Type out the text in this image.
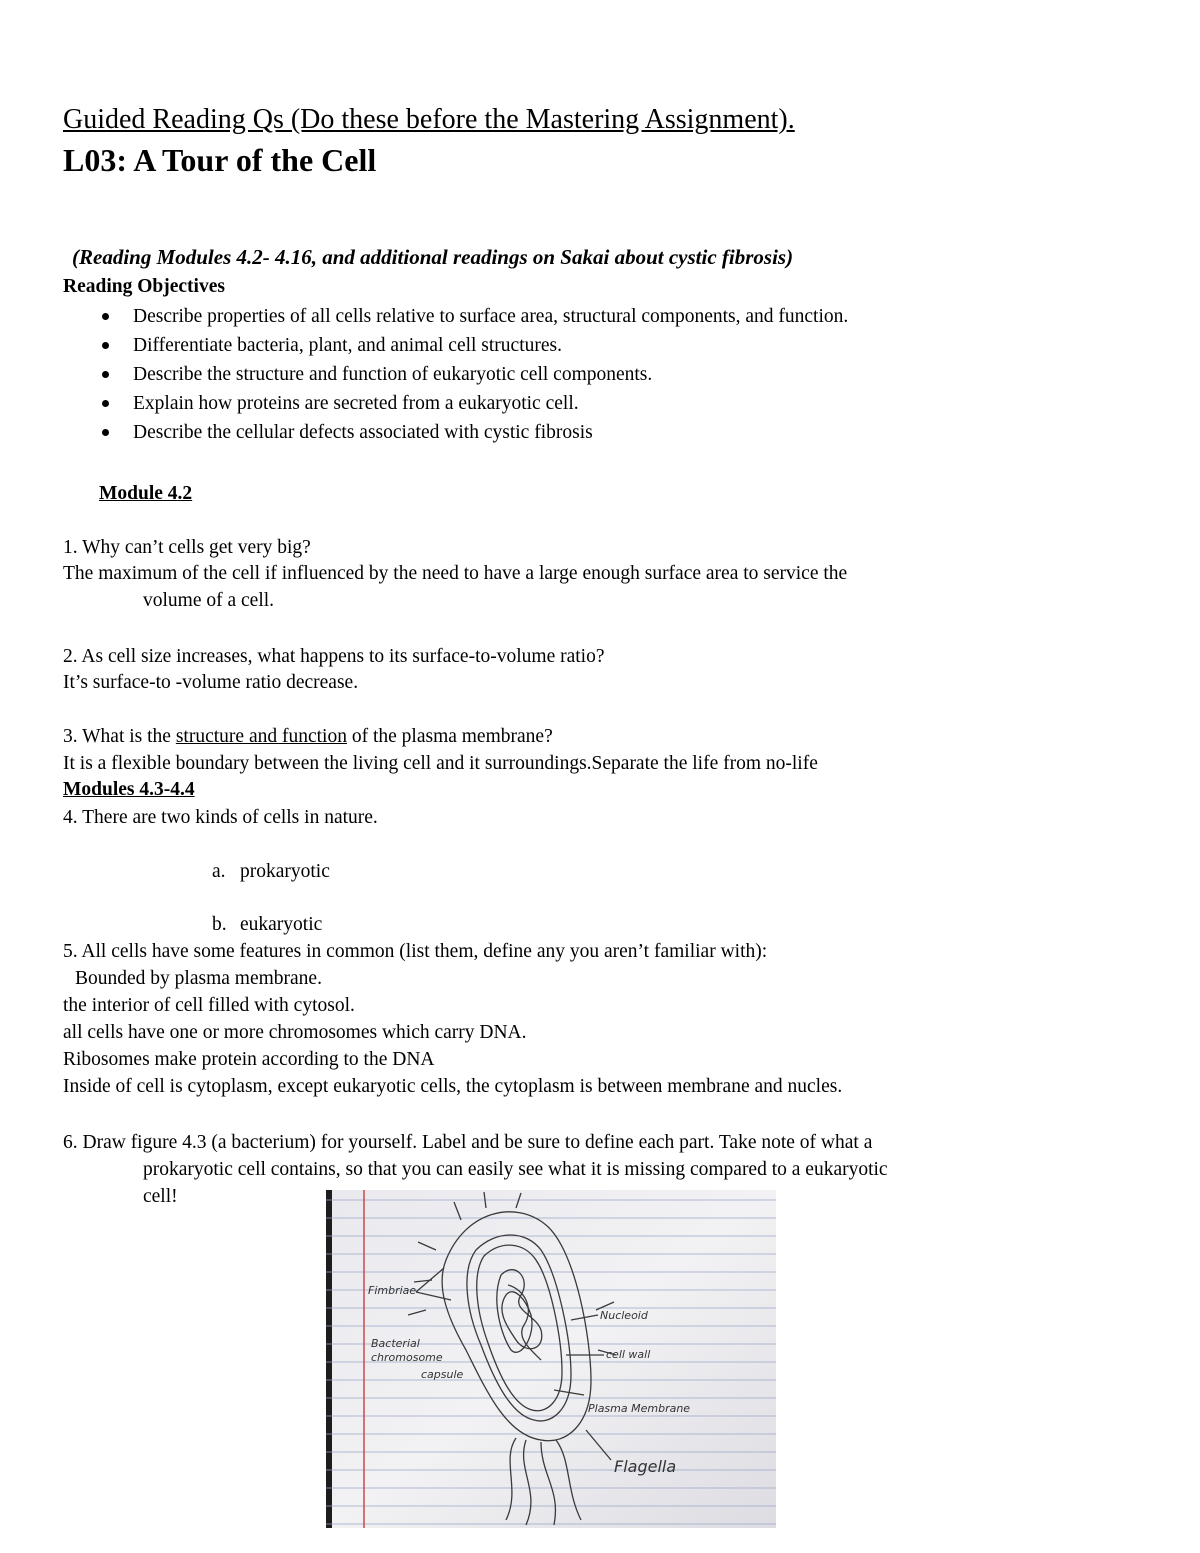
Guided Reading Qs (Do these before the Mastering Assignment).
L03: A Tour of the Cell
(Reading Modules 4.2- 4.16, and additional readings on Sakai about cystic fibrosis)
Reading Objectives
Describe properties of all cells relative to surface area, structural components, and function.
Differentiate bacteria, plant, and animal cell structures.
Describe the structure and function of eukaryotic cell components.
Explain how proteins are secreted from a eukaryotic cell.
Describe the cellular defects associated with cystic fibrosis
Module 4.2
1. Why can’t cells get very big?
The maximum of the cell if influenced by the need to have a large enough surface area to service the
volume of a cell.
2. As cell size increases, what happens to its surface-to-volume ratio?
It’s surface-to -volume ratio decrease.
3. What is the structure and function of the plasma membrane?
It is a flexible boundary between the living cell and it surroundings.Separate the life from no-life
Modules 4.3-4.4
4. There are two kinds of cells in nature.
a. prokaryotic
b. eukaryotic
5. All cells have some features in common (list them, define any you aren’t familiar with):
Bounded by plasma membrane.
the interior of cell filled with cytosol.
all cells have one or more chromosomes which carry DNA.
Ribosomes make protein according to the DNA
Inside of cell is cytoplasm, except eukaryotic cells, the cytoplasm is between membrane and nucles.
6. Draw figure 4.3 (a bacterium) for yourself. Label and be sure to define each part. Take note of what a
prokaryotic cell contains, so that you can easily see what it is missing compared to a eukaryotic
cell!
Fimbriae
Bacterial
chromosome
capsule
Nucleoid
cell wall
Plasma Membrane
Flagella
